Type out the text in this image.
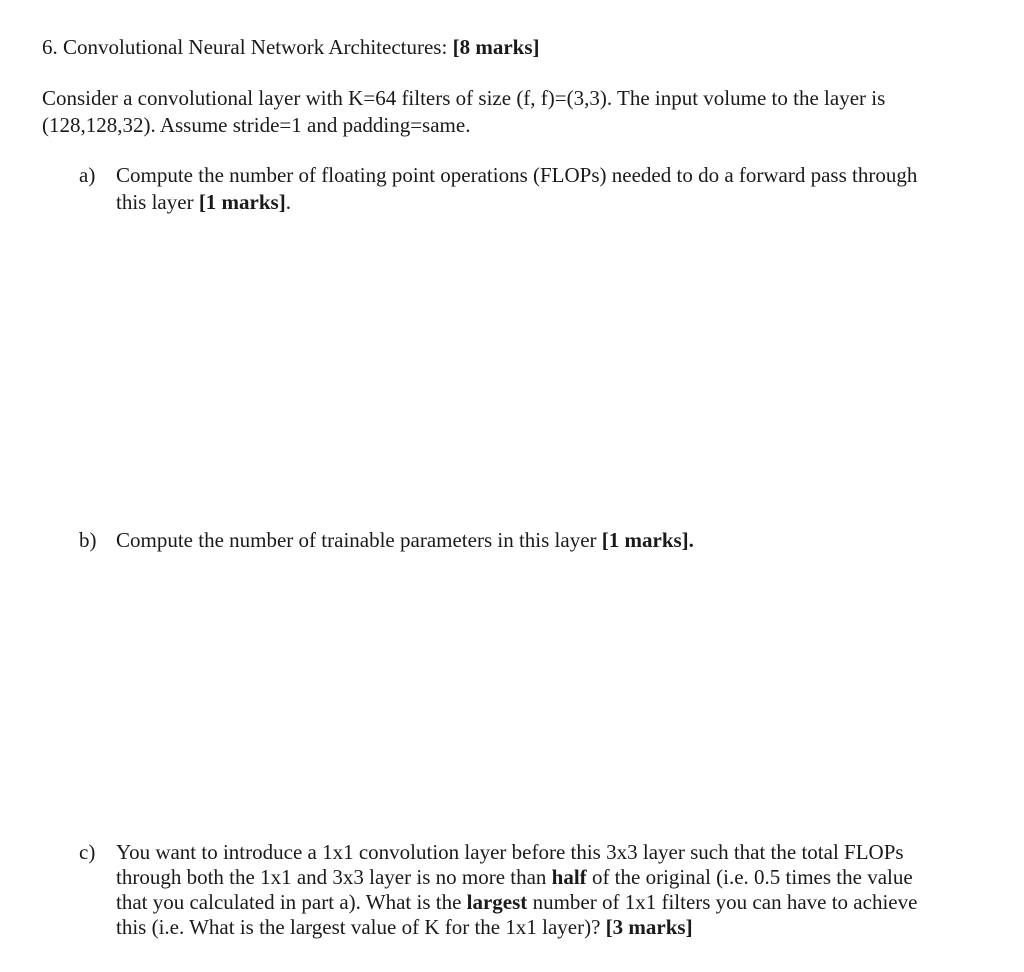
6. Convolutional Neural Network Architectures: [8 marks]
Consider a convolutional layer with K=64 filters of size (f, f)=(3,3). The input volume to the layer is
(128,128,32). Assume stride=1 and padding=same.
a) Compute the number of floating point operations (FLOPs) needed to do a forward pass through
this layer [1 marks].
b) Compute the number of trainable parameters in this layer [1 marks].
c) You want to introduce a 1x1 convolution layer before this 3x3 layer such that the total FLOPs
through both the 1x1 and 3x3 layer is no more than half of the original (i.e. 0.5 times the value
that you calculated in part a). What is the largest number of 1x1 filters you can have to achieve
this (i.e. What is the largest value of K for the 1x1 layer)? [3 marks]
